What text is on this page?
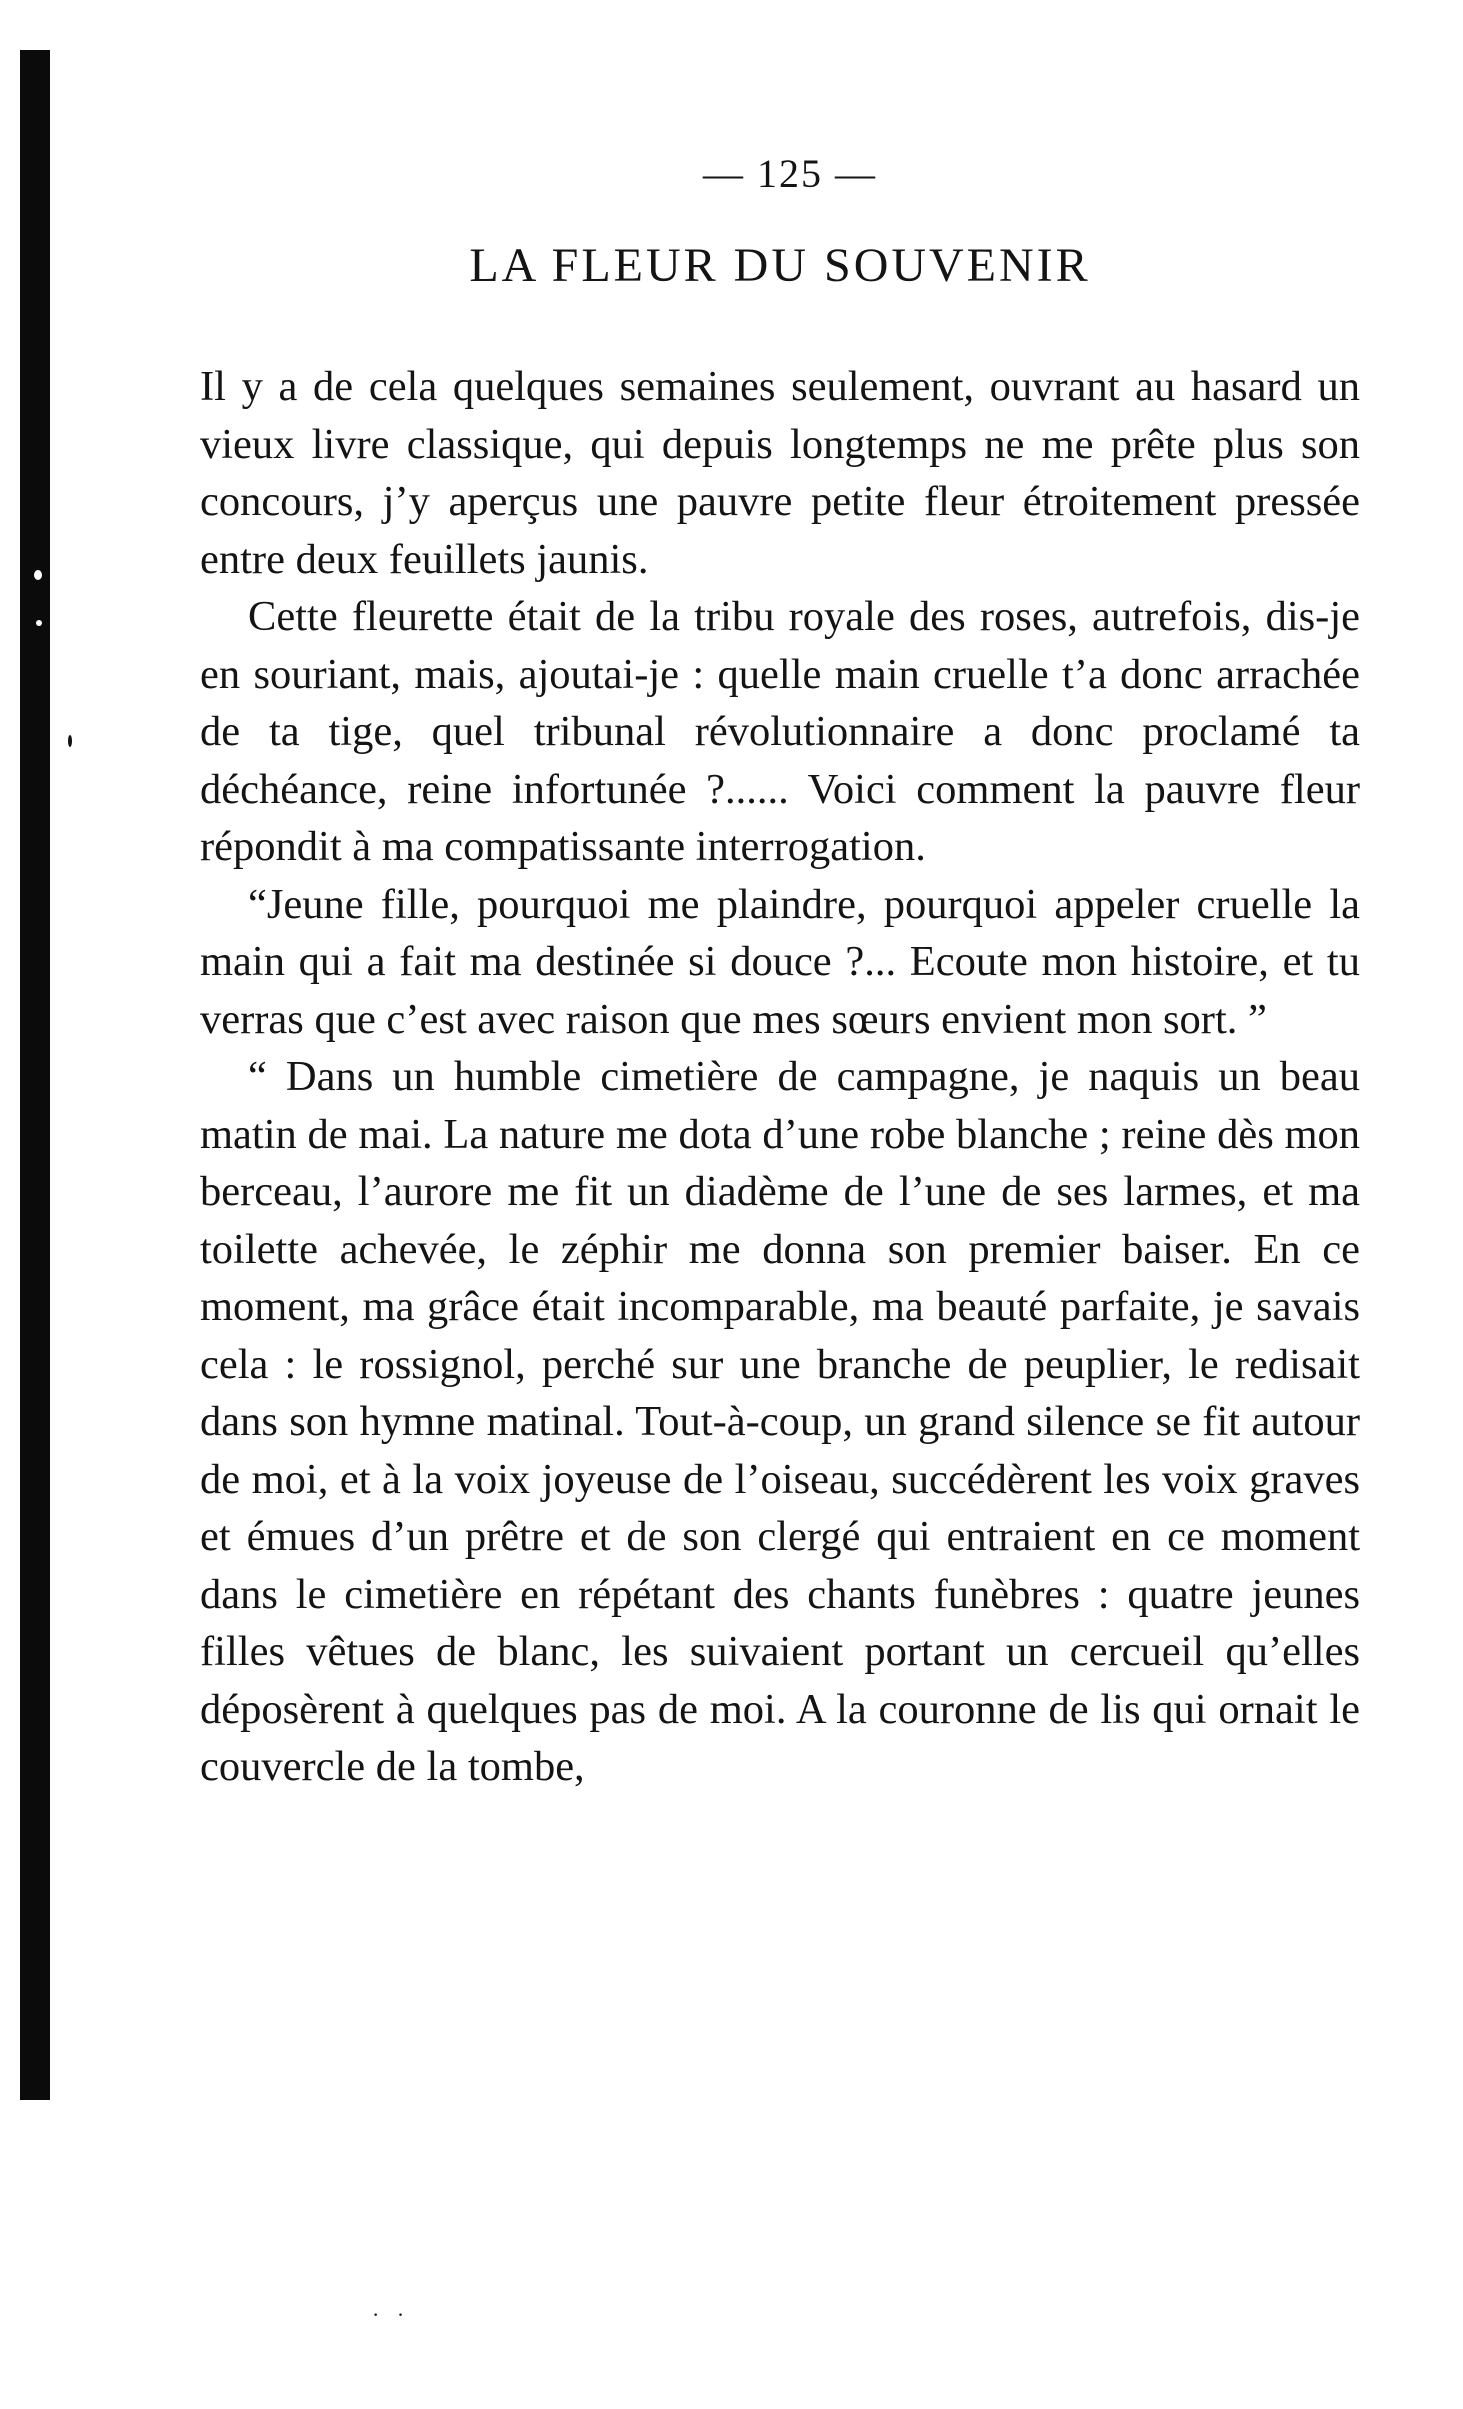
— 125 —
LA FLEUR DU SOUVENIR

Il y a de cela quelques semaines seulement, ouvrant au hasard un vieux livre classique, qui depuis longtemps ne me prête plus son concours, j’y aperçus une pauvre petite fleur étroitement pressée entre deux feuillets jaunis.

Cette fleurette était de la tribu royale des roses, autrefois, dis-je en souriant, mais, ajoutai-je : quelle main cruelle t’a donc arrachée de ta tige, quel tribunal révolutionnaire a donc proclamé ta déchéance, reine infortunée ?...... Voici comment la pauvre fleur répondit à ma compatissante interrogation.

“Jeune fille, pourquoi me plaindre, pourquoi appeler cruelle la main qui a fait ma destinée si douce ?... Ecoute mon histoire, et tu verras que c’est avec raison que mes sœurs envient mon sort. ”

“ Dans un humble cimetière de campagne, je naquis un beau matin de mai. La nature me dota d’une robe blanche ; reine dès mon berceau, l’aurore me fit un diadème de l’une de ses larmes, et ma toilette achevée, le zéphir me donna son premier baiser. En ce moment, ma grâce était incomparable, ma beauté parfaite, je savais cela : le rossignol, perché sur une branche de peuplier, le redisait dans son hymne matinal. Tout-à-coup, un grand silence se fit autour de moi, et à la voix joyeuse de l’oiseau, succédèrent les voix graves et émues d’un prêtre et de son clergé qui entraient en ce moment dans le cimetière en répétant des chants funèbres : quatre jeunes filles vêtues de blanc, les suivaient portant un cercueil qu’elles déposèrent à quelques pas de moi. A la couronne de lis qui ornait le couvercle de la tombe,

· ·
